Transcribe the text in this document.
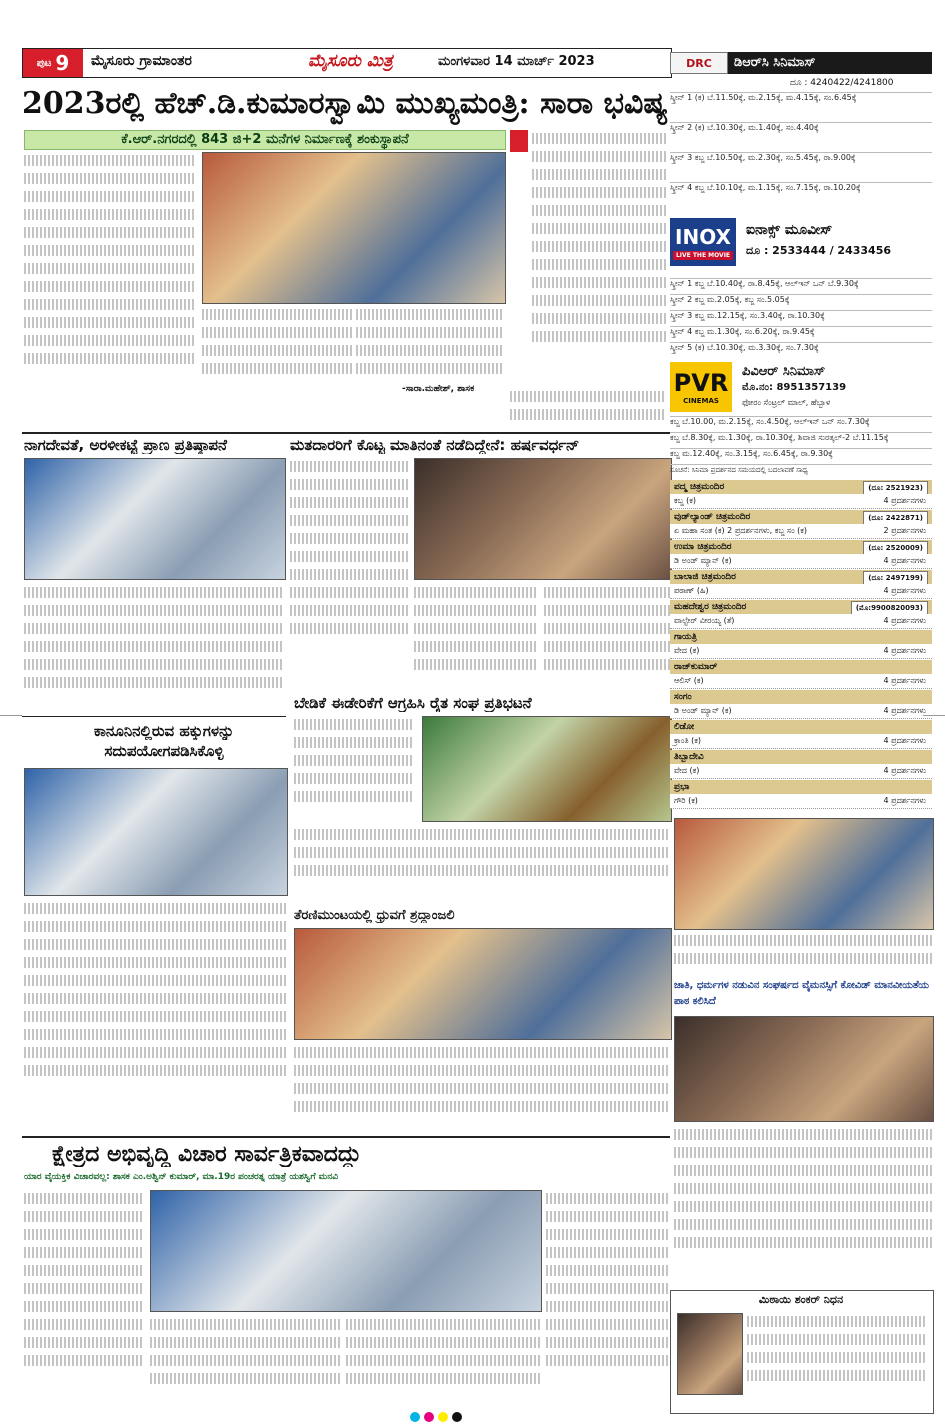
ಪುಟ 9 ಮೈಸೂರು ಗ್ರಾಮಾಂತರ	ಮೈಸೂರು ಮಿತ್ರ	ಮಂಗಳವಾರ 14 ಮಾರ್ಚ್ 2023
2023ರಲ್ಲಿ ಹೆಚ್.ಡಿ.ಕುಮಾರಸ್ವಾಮಿ ಮುಖ್ಯಮಂತ್ರಿ: ಸಾರಾ ಭವಿಷ್ಯ
ಕೆ.ಆರ್.ನಗರದಲ್ಲಿ 843 ಜಿ+2 ಮನೆಗಳ ನಿರ್ಮಾಣಕ್ಕೆ ಶಂಕುಸ್ಥಾಪನೆ
-ಸಾರಾ.ಮಹೇಶ್, ಶಾಸಕ
ನಾಗದೇವತೆ, ಅರಳೀಕಟ್ಟೆ ಪ್ರಾಣ ಪ್ರತಿಷ್ಠಾಪನೆ	ಮತದಾರರಿಗೆ ಕೊಟ್ಟ ಮಾತಿನಂತೆ ನಡೆದಿದ್ದೇನೆ: ಹರ್ಷವರ್ಧನ್
ಕಾನೂನಿನಲ್ಲಿರುವ ಹಕ್ಕುಗಳನ್ನು
ಸದುಪಯೋಗಪಡಿಸಿಕೊಳ್ಳಿ
ಬೇಡಿಕೆ ಈಡೇರಿಕೆಗೆ ಆಗ್ರಹಿಸಿ ರೈತ ಸಂಘ ಪ್ರತಿಭಟನೆ
ತೆರಣಿಮುಂಟಯಲ್ಲಿ ಧ್ರುವಗೆ ಶ್ರದ್ಧಾಂಜಲಿ
ಕ್ಷೇತ್ರದ ಅಭಿವೃದ್ಧಿ ವಿಚಾರ ಸಾರ್ವತ್ರಿಕವಾದದ್ದು
ಯಾರ ವೈಯಕ್ತಿಕ ವಿಚಾರವಲ್ಲ: ಶಾಸಕ ಎಂ.ಅಶ್ವಿನ್ ಕುಮಾರ್, ಮಾ.19ರ ಪಂಚರತ್ನ ಯಾತ್ರೆ ಯಶಸ್ವಿಗೆ ಮನವಿ
DRC	ಡಿಆರ್‌ಸಿ ಸಿನಿಮಾಸ್
ದೂ : 4240422/4241800
ಸ್ಕ್ರೀನ್ 1 (ಕ) ಬೆ.11.50ಕ್ಕೆ, ಮ.2.15ಕ್ಕೆ, ಮ.4.15ಕ್ಕೆ, ಸಂ.6.45ಕ್ಕೆ
ಸ್ಕ್ರೀನ್ 2 (ಕ) ಬೆ.10.30ಕ್ಕೆ, ಮ.1.40ಕ್ಕೆ, ಸಂ.4.40ಕ್ಕೆ
ಸ್ಕ್ರೀನ್ 3 ಕಬ್ಜ ಬೆ.10.50ಕ್ಕೆ, ಮ.2.30ಕ್ಕೆ, ಸಂ.5.45ಕ್ಕೆ, ರಾ.9.00ಕ್ಕೆ
ಸ್ಕ್ರೀನ್ 4 ಕಬ್ಜ ಬೆ.10.10ಕ್ಕೆ, ಮ.1.15ಕ್ಕೆ, ಸಂ.7.15ಕ್ಕೆ, ರಾ.10.20ಕ್ಕೆ
INOX
LIVE THE MOVIE
ಐನಾಕ್ಸ್ ಮೂವೀಸ್
ದೂ : 2533444 / 2433456
ಸ್ಕ್ರೀನ್ 1 ಕಬ್ಜ ಬೆ.10.40ಕ್ಕೆ, ರಾ.8.45ಕ್ಕೆ, ಆಲ್‌ಇನ್ ಒನ್ ಬೆ.9.30ಕ್ಕೆ
ಸ್ಕ್ರೀನ್ 2 ಕಬ್ಜ ಮ.2.05ಕ್ಕೆ, ಕಬ್ಜ ಸಂ.5.05ಕ್ಕೆ
ಸ್ಕ್ರೀನ್ 3 ಕಬ್ಜ ಮ.12.15ಕ್ಕೆ, ಸಂ.3.40ಕ್ಕೆ, ರಾ.10.30ಕ್ಕೆ
ಸ್ಕ್ರೀನ್ 4 ಕಬ್ಜ ಮ.1.30ಕ್ಕೆ, ಸಂ.6.20ಕ್ಕೆ, ರಾ.9.45ಕ್ಕೆ
ಸ್ಕ್ರೀನ್ 5 (ಕ) ಬೆ.10.30ಕ್ಕೆ, ಮ.3.30ಕ್ಕೆ, ಸಂ.7.30ಕ್ಕೆ
PVR
CINEMAS
ಪಿವಿಆರ್ ಸಿನಿಮಾಸ್
ಮೊ.ನಂ: 8951357139
ಫೋರಂ ಸೆಂಟ್ರಲ್ ಮಾಲ್, ಹೆಬ್ಬಾಳ
ಕಬ್ಜ ಬೆ.10.00, ಮ.2.15ಕ್ಕೆ, ಸಂ.4.50ಕ್ಕೆ, ಆಲ್‌ಇನ್ ಒನ್ ಸಂ.7.30ಕ್ಕೆ
ಕಬ್ಜ ಬೆ.8.30ಕ್ಕೆ, ಮ.1.30ಕ್ಕೆ, ರಾ.10.30ಕ್ಕೆ, ಶಿವಾಜಿ ಸುರತ್ಕಲ್-2 ಬೆ.11.15ಕ್ಕೆ
ಕಬ್ಜ ಮ.12.40ಕ್ಕೆ, ಸಂ.3.15ಕ್ಕೆ, ಸಂ.6.45ಕ್ಕೆ, ರಾ.9.30ಕ್ಕೆ
ಸೂಚನೆ: ಸಿನಿಮಾ ಪ್ರದರ್ಶನದ ಸಮಯದಲ್ಲಿ ಬದಲಾವಣೆ ಸಾಧ್ಯ
ಪದ್ಮ ಚಿತ್ರಮಂದಿರ	(ದೂ: 2521923)
ಕಬ್ಜ (ಕ)	4 ಪ್ರದರ್ಶನಗಳು
ವುಡ್‌ಲ್ಯಾಂಡ್ ಚಿತ್ರಮಂದಿರ	(ದೂ: 2422871)
ಏ ಮಹಾ ಸಂತ (ಕ) 2 ಪ್ರದರ್ಶನಗಳು, ಕಬ್ಜ ಸಂ (ಕ)	2 ಪ್ರದರ್ಶನಗಳು
ಉಮಾ ಚಿತ್ರಮಂದಿರ	(ದೂ: 2520009)
ಡಿ ಅಂಡ್ ಮ್ಯಾನ್ (ಕ)	4 ಪ್ರದರ್ಶನಗಳು
ಬಾಲಾಜಿ ಚಿತ್ರಮಂದಿರ	(ದೂ: 2497199)
ಪಠಾಣ್ (ಹಿ)	4 ಪ್ರದರ್ಶನಗಳು
ಮಹದೇಶ್ವರ ಚಿತ್ರಮಂದಿರ	(ಮೊ:9900820093)
ವಾಲ್ಟೇರ್ ವೀರಯ್ಯ (ತೆ)	4 ಪ್ರದರ್ಶನಗಳು
ಗಾಯತ್ರಿ
ವೇದ (ಕ)	4 ಪ್ರದರ್ಶನಗಳು
ರಾಜ್‌ಕುಮಾರ್
ಆಲಿಸ್ (ಕ)	4 ಪ್ರದರ್ಶನಗಳು
ಸಂಗಂ
ಡಿ ಅಂಡ್ ಮ್ಯಾನ್ (ಕ)	4 ಪ್ರದರ್ಶನಗಳು
ಲಿಡೋ
ಕ್ರಾಂತಿ (ಕ)	4 ಪ್ರದರ್ಶನಗಳು
ತಿಬ್ಬಾದೇವಿ
ವೇದ (ಕ)	4 ಪ್ರದರ್ಶನಗಳು
ಪ್ರಭಾ
ಗೌರಿ (ಕ)	4 ಪ್ರದರ್ಶನಗಳು
ಜಾತಿ, ಧರ್ಮಗಳ ನಡುವಿನ ಸಂಘರ್ಷದ ವೈಮನಸ್ಸಿಗೆ ಕೋವಿಡ್ ಮಾನವೀಯತೆಯ ಪಾಠ ಕಲಿಸಿದೆ
ಮಿಠಾಯಿ ಶಂಕರ್ ನಿಧನ
